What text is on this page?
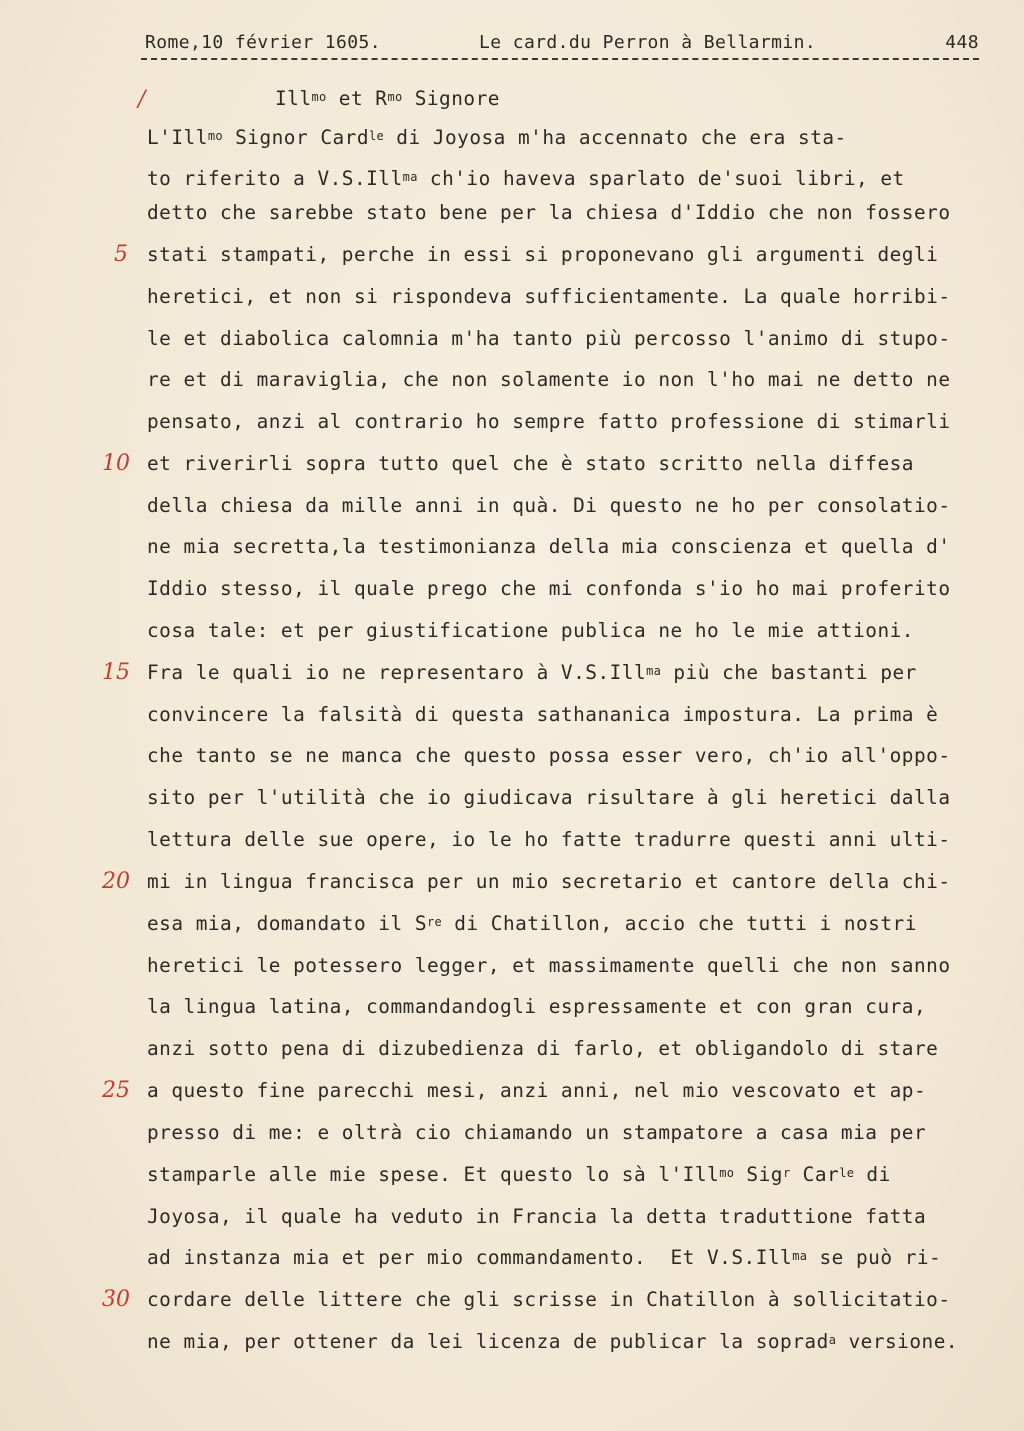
Rome,10 février 1605.

	Le card.du Perron à Bellarmin.

	448

/
5
10
15
20
25
30
Ill$^{mo}$ et $R^{mo}$ Signore
L'Ill$^{mo}$ Signor Card$^{le}$ di Joyosa m'ha accennato che era sta-
to riferito a V.S.Ill$^{ma}$ ch'io haveva sparlato de'suoi libri, et
detto che sarebbe stato bene per la chiesa d'Iddio che non fossero
stati stampati, perche in essi si proponevano gli argumenti degli
heretici, et non si rispondeva sufficientamente. La quale horribi-
le et diabolica calomnia m'ha tanto più percosso l'animo di stupo-
re et di maraviglia, che non solamente io non l'ho mai ne detto ne
pensato, anzi al contrario ho sempre fatto professione di stimarli
et riverirli sopra tutto quel che è stato scritto nella diffesa
della chiesa da mille anni in quà. Di questo ne ho per consolatio-
ne mia secretta,la testimonianza della mia conscienza et quella d'
Iddio stesso, il quale prego che mi confonda s'io ho mai proferito
cosa tale: et per giustificatione publica ne ho le mie attioni.
Fra le quali io ne representaro à V.S.Ill$^{ma}$ più che bastanti per
convincere la falsità di questa sathananica impostura. La prima è
che tanto se ne manca che questo possa esser vero, ch'io all'oppo-
sito per l'utilità che io giudicava risultare à gli heretici dalla
lettura delle sue opere, io le ho fatte tradurre questi anni ulti-
mi in lingua francisca per un mio secretario et cantore della chi-
esa mia, domandato il $S^{re}$ di Chatillon, accio che tutti i nostri
heretici le potessero legger, et massimamente quelli che non sanno
la lingua latina, commandandogli espressamente et con gran cura,
anzi sotto pena di dizubedienza di farlo, et obligandolo di stare
a questo fine parecchi mesi, anzi anni, nel mio vescovato et ap-
presso di me: e oltrà cio chiamando un stampatore a casa mia per
stamparle alle mie spese. Et questo lo sà l'Ill$^{mo}$ Sig$^r$ Car$^{le}$ di
Joyosa, il quale ha veduto in Francia la detta traduttione fatta
ad instanza mia et per mio commandamento.  Et V.S.Ill$^{ma}$ se può ri-
cordare delle littere che gli scrisse in Chatillon à sollicitatio-
ne mia, per ottener da lei licenza de publicar la soprad$^a$ versione.
